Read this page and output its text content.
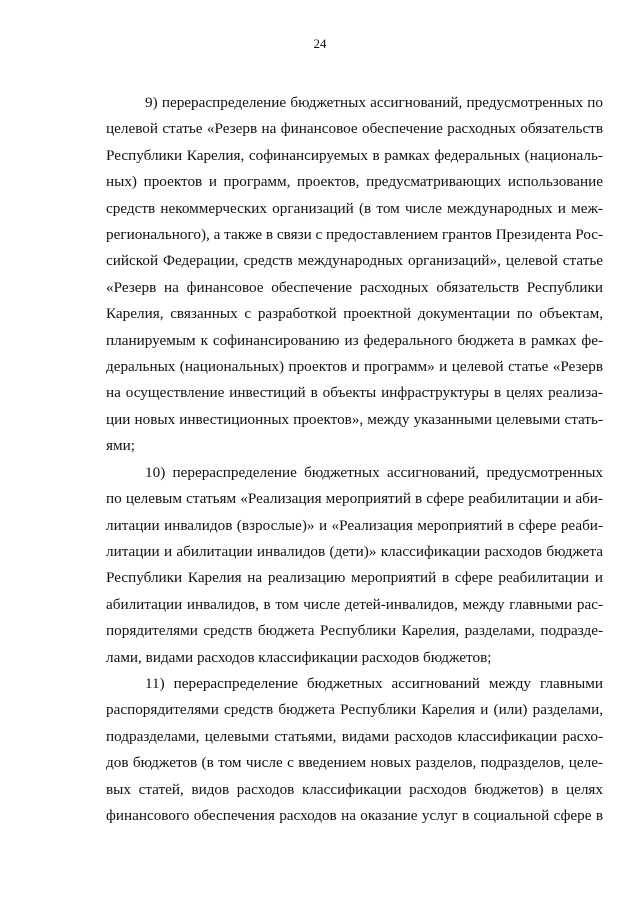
24

9) перераспределение бюджетных ассигнований, предусмотренных по
целевой статье «Резерв на финансовое обеспечение расходных обязательств
Республики Карелия, софинансируемых в рамках федеральных (националь-
ных) проектов и программ, проектов, предусматривающих использование
средств некоммерческих организаций (в том числе международных и меж-
регионального), а также в связи с предоставлением грантов Президента Рос-
сийской Федерации, средств международных организаций», целевой статье
«Резерв на финансовое обеспечение расходных обязательств Республики
Карелия, связанных с разработкой проектной документации по объектам,
планируемым к софинансированию из федерального бюджета в рамках фе-
деральных (национальных) проектов и программ» и целевой статье «Резерв
на осуществление инвестиций в объекты инфраструктуры в целях реализа-
ции новых инвестиционных проектов», между указанными целевыми стать-
ями;

10) перераспределение бюджетных ассигнований, предусмотренных
по целевым статьям «Реализация мероприятий в сфере реабилитации и аби-
литации инвалидов (взрослые)» и «Реализация мероприятий в сфере реаби-
литации и абилитации инвалидов (дети)» классификации расходов бюджета
Республики Карелия на реализацию мероприятий в сфере реабилитации и
абилитации инвалидов, в том числе детей-инвалидов, между главными рас-
порядителями средств бюджета Республики Карелия, разделами, подразде-
лами, видами расходов классификации расходов бюджетов;

11) перераспределение бюджетных ассигнований между главными
распорядителями средств бюджета Республики Карелия и (или) разделами,
подразделами, целевыми статьями, видами расходов классификации расхо-
дов бюджетов (в том числе с введением новых разделов, подразделов, целе-
вых статей, видов расходов классификации расходов бюджетов) в целях
финансового обеспечения расходов на оказание услуг в социальной сфере в
